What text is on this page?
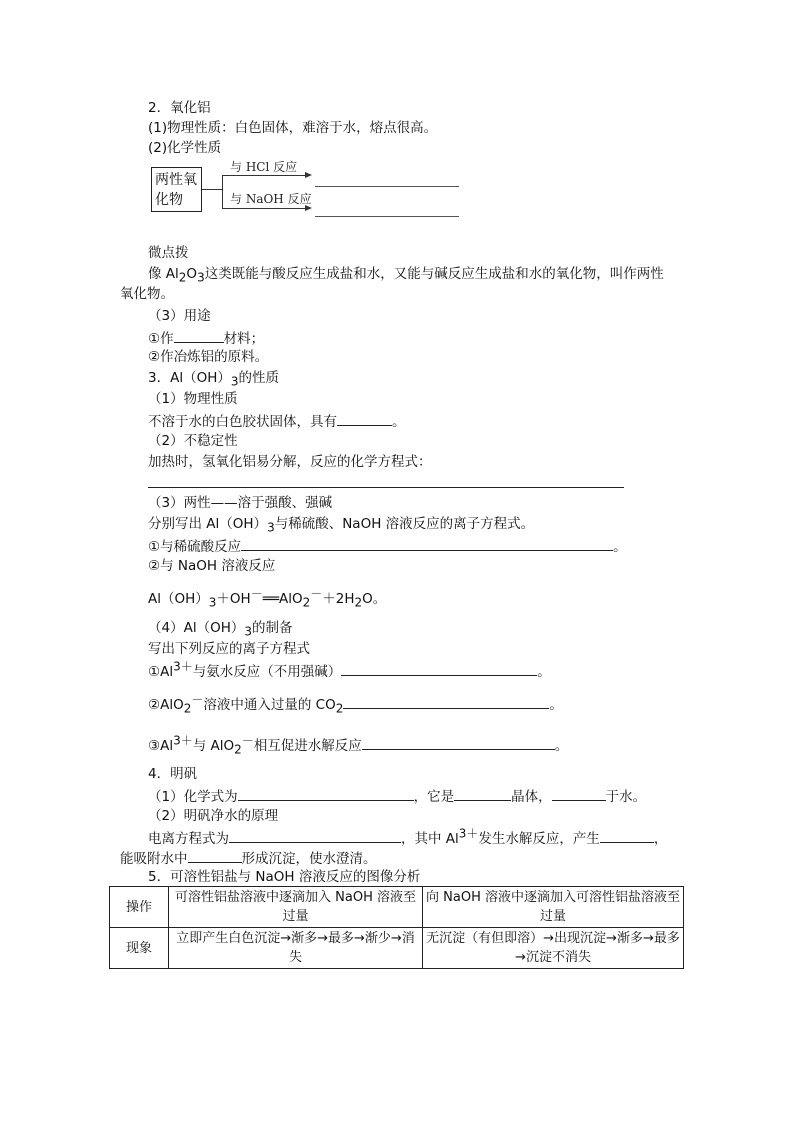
2．氧化铝
(1)物理性质：白色固体，难溶于水，熔点很高。
(2)化学性质
两性氧
化物
与 HCl 反应
与 NaOH 反应
微点拨
像 $Al_2O_3$这类既能与酸反应生成盐和水，又能与碱反应生成盐和水的氧化物，叫作两性
氧化物。
（3）用途
①作	材料；
②作冶炼铝的原料。
3．$Al(OH)_3$的性质
（1）物理性质
不溶于水的白色胶状固体，具有	。
（2）不稳定性
加热时，氢氧化铝易分解，反应的化学方程式：
（3）两性——溶于强酸、强碱
分别写出 $Al(OH)_3$与稀硫酸、NaOH 溶液反应的离子方程式。
①与稀硫酸反应	。
②与 NaOH 溶液反应
$Al(OH)_3+OH^-══AlO_2^-+2H_2O$。
$(4)Al(OH)_3$的制备
写出下列反应的离子方程式
$①Al^{3+}$与氨水反应（不用强碱）	。
②AlO$_2$－溶液中通入过量的 $CO_2$	。
$③Al^{3+}$与 AlO$_2$－相互促进水解反应	。
4．明矾
（1）化学式为	，它是	晶体，	于水。
（2）明矾净水的原理
电离方程式为	，其中 $Al^{3+}$发生水解反应，产生	，
能吸附水中	形成沉淀，使水澄清。
5．可溶性铝盐与 NaOH 溶液反应的图像分析
操作	可溶性铝盐溶液中逐滴加入 NaOH 溶液至过量	向 NaOH 溶液中逐滴加入可溶性铝盐溶液至过量
现象	立即产生白色沉淀→渐多→最多→渐少→消失	无沉淀（有但即溶）→出现沉淀→渐多→最多→沉淀不消失
